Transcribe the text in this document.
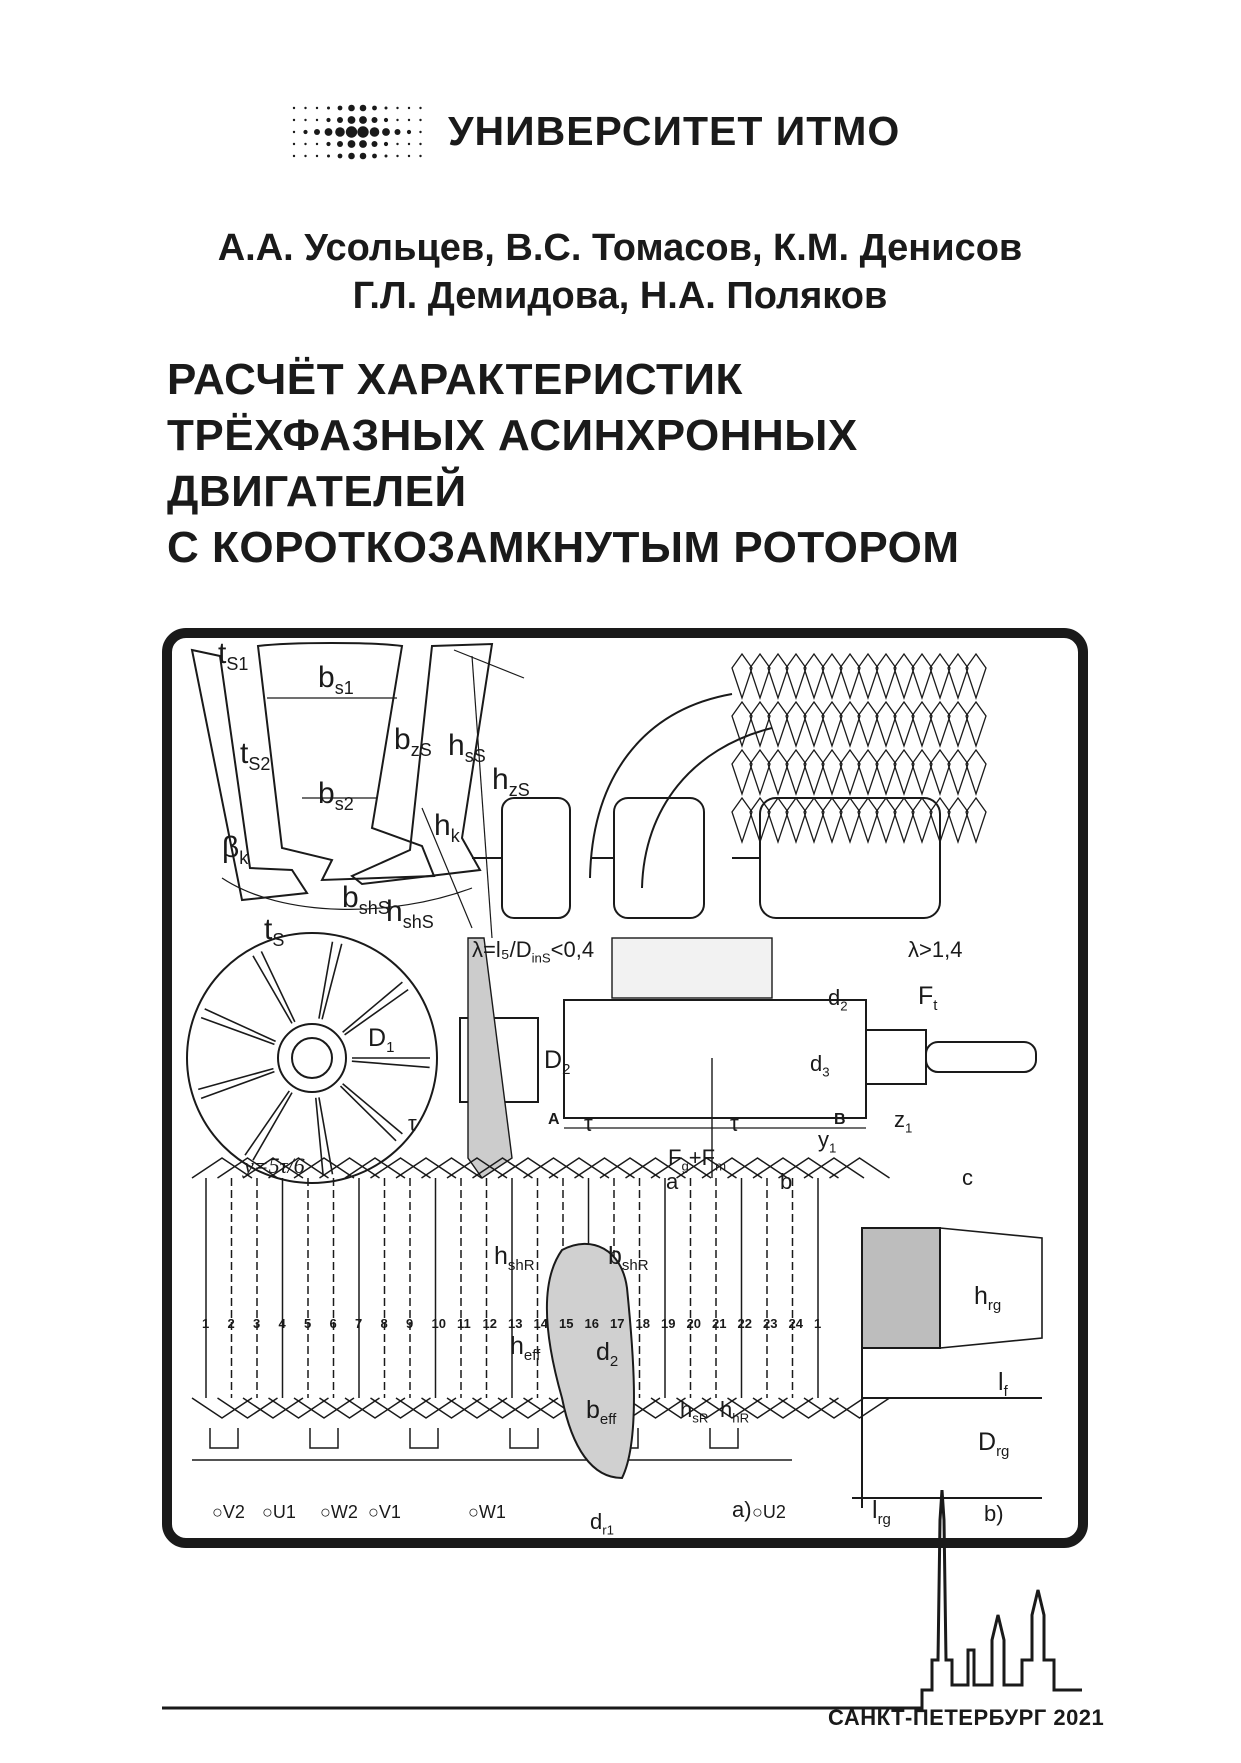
УНИВЕРСИТЕТ ИТМО
А.А. Усольцев, В.С. Томасов, К.М. Денисов
Г.Л. Демидова, Н.А. Поляков
РАСЧЁТ ХАРАКТЕРИСТИК
ТРЁХФАЗНЫХ АСИНХРОННЫХ
ДВИГАТЕЛЕЙ
С КОРОТКОЗАМКНУТЫМ РОТОРОМ
$t_{S1}$ $b_{s1}$
$t_{S2}$
$b_{zS}$ $h_{sS}$
$h_{zS}$
$b_{s2}$
$h_k$
$\beta_k$
$b_{shS}$
$h_{shS}$
$t_S$	$\lambda=l_5/D_{inS}<0,4$	λ>1,4
$D_1$	$D_2$
$d_2$
$d_3$
$F_t$
τ	τ	τ
y=5τ/6
A	B
$y_1$
$z_1$
$F_g+F_m$
a	b	c
$h_{shR}$	$b_{shR}$
$h_{rg}$
$h_{eff}$ $d_2$
$l_f$
$b_{eff}$	$h_{sR}$ $h_{hR}$
$D_{rg}$
$l_{rg}$
$d_{r1}$
a)	b)
1 2 3 4 5 6 7 8 9 10 11 12 13 14 15 16 17 18 19 20 21 22 23 24 1
○V2 ○U1 ○W2 ○V1	○W1	○U2
САНКТ-ПЕТЕРБУРГ 2021
